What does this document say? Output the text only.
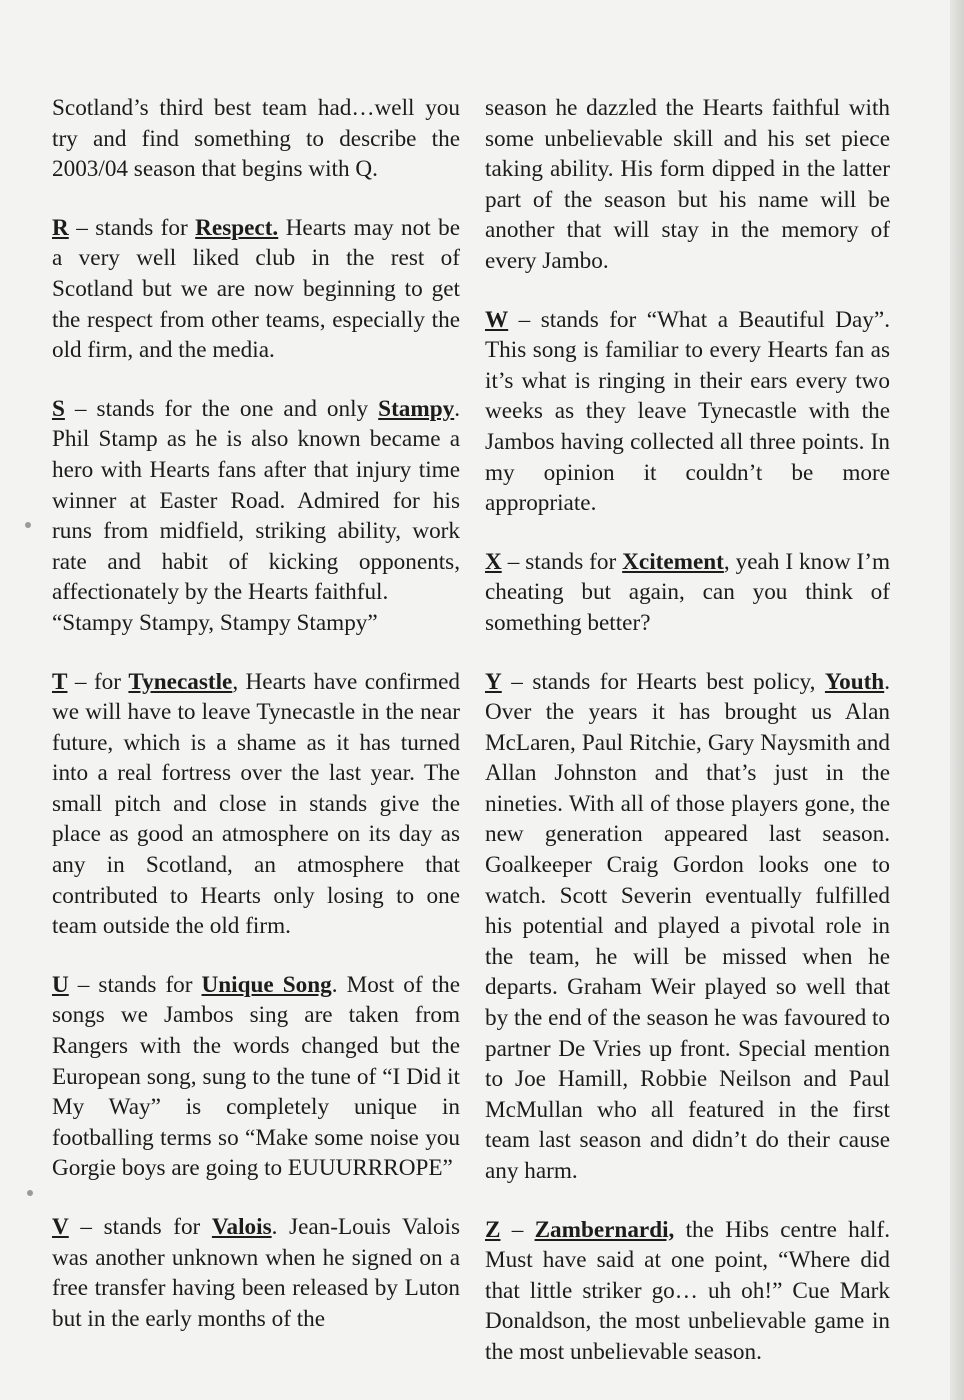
Scotland’s third best team had…well you try and find something to describe the 2003/04 season that begins with Q.

R – stands for Respect. Hearts may not be a very well liked club in the rest of Scotland but we are now beginning to get the respect from other teams, especially the old firm, and the media.

S – stands for the one and only Stampy. Phil Stamp as he is also known became a hero with Hearts fans after that injury time winner at Easter Road. Admired for his runs from midfield, striking ability, work rate and habit of kicking opponents, affectionately by the Hearts faithful.
“Stampy Stampy, Stampy Stampy”

T – for Tynecastle, Hearts have confirmed we will have to leave Tynecastle in the near future, which is a shame as it has turned into a real fortress over the last year. The small pitch and close in stands give the place as good an atmosphere on its day as any in Scotland, an atmosphere that contributed to Hearts only losing to one team outside the old firm.

U – stands for Unique Song. Most of the songs we Jambos sing are taken from Rangers with the words changed but the European song, sung to the tune of “I Did it My Way” is completely unique in footballing terms so “Make some noise you Gorgie boys are going to EUUURRROPE”

V – stands for Valois. Jean-Louis Valois was another unknown when he signed on a free transfer having been released by Luton but in the early months of the

season he dazzled the Hearts faithful with some unbelievable skill and his set piece taking ability. His form dipped in the latter part of the season but his name will be another that will stay in the memory of every Jambo.

W – stands for “What a Beautiful Day”. This song is familiar to every Hearts fan as it’s what is ringing in their ears every two weeks as they leave Tynecastle with the Jambos having collected all three points. In my opinion it couldn’t be more appropriate.

X – stands for Xcitement, yeah I know I’m cheating but again, can you think of something better?

Y – stands for Hearts best policy, Youth. Over the years it has brought us Alan McLaren, Paul Ritchie, Gary Naysmith and Allan Johnston and that’s just in the nineties. With all of those players gone, the new generation appeared last season. Goalkeeper Craig Gordon looks one to watch. Scott Severin eventually fulfilled his potential and played a pivotal role in the team, he will be missed when he departs. Graham Weir played so well that by the end of the season he was favoured to partner De Vries up front. Special mention to Joe Hamill, Robbie Neilson and Paul McMullan who all featured in the first team last season and didn’t do their cause any harm.

Z – Zambernardi, the Hibs centre half. Must have said at one point, “Where did that little striker go… uh oh!” Cue Mark Donaldson, the most unbelievable game in the most unbelievable season.
